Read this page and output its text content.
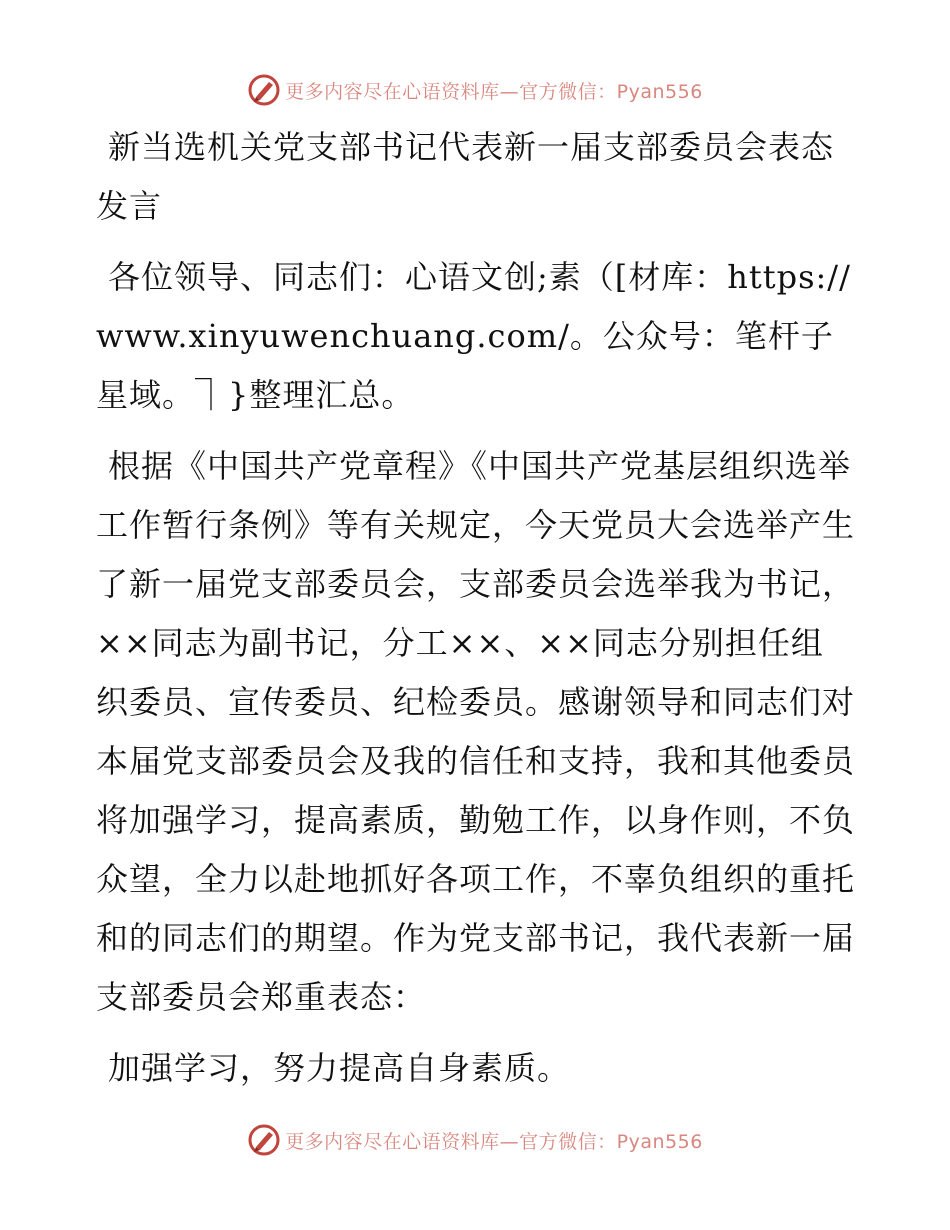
更多内容尽在心语资料库—官方微信：Pyan556

新当选机关党支部书记代表新一届支部委员会表态发言

各位领导、同志们：心语文创;素（[材库：https://www.xinyuwenchuang.com/。公众号：笔杆子星域。⏋}整理汇总。

根据《中国共产党章程》《中国共产党基层组织选举工作暂行条例》等有关规定，今天党员大会选举产生了新一届党支部委员会，支部委员会选举我为书记，××同志为副书记，分工××、××同志分别担任组织委员、宣传委员、纪检委员。感谢领导和同志们对本届党支部委员会及我的信任和支持，我和其他委员将加强学习，提高素质，勤勉工作，以身作则，不负众望，全力以赴地抓好各项工作，不辜负组织的重托和的同志们的期望。作为党支部书记，我代表新一届支部委员会郑重表态：

加强学习，努力提高自身素质。

更多内容尽在心语资料库—官方微信：Pyan556
